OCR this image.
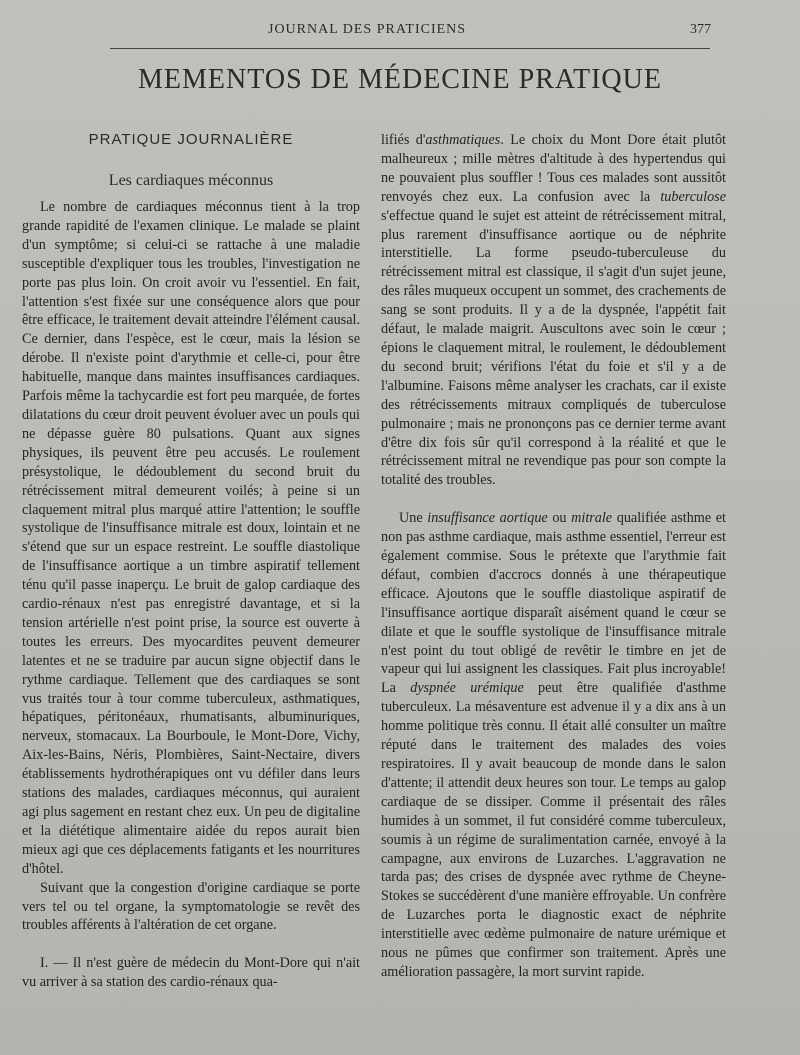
JOURNAL DES PRATICIENS	377
MEMENTOS DE MÉDECINE PRATIQUE
PRATIQUE JOURNALIÈRE
Les cardiaques méconnus

Le nombre de cardiaques méconnus tient à la trop grande rapidité de l'examen clinique. Le malade se plaint d'un symptôme; si celui-ci se rattache à une maladie susceptible d'expliquer tous les troubles, l'investigation ne porte pas plus loin. On croit avoir vu l'essentiel. En fait, l'attention s'est fixée sur une conséquence alors que pour être efficace, le traitement devait atteindre l'élément causal. Ce dernier, dans l'espèce, est le cœur, mais la lésion se dérobe. Il n'existe point d'arythmie et celle-ci, pour être habituelle, manque dans maintes insuffisances cardiaques. Parfois même la tachycardie est fort peu marquée, de fortes dilatations du cœur droit peuvent évoluer avec un pouls qui ne dépasse guère 80 pulsations. Quant aux signes physiques, ils peuvent être peu accusés. Le roulement présystolique, le dédoublement du second bruit du rétrécissement mitral demeurent voilés; à peine si un claquement mitral plus marqué attire l'attention; le souffle systolique de l'insuffisance mitrale est doux, lointain et ne s'étend que sur un espace restreint. Le souffle diastolique de l'insuffisance aortique a un timbre aspiratif tellement ténu qu'il passe inaperçu. Le bruit de galop cardiaque des cardio-rénaux n'est pas enregistré davantage, et si la tension artérielle n'est point prise, la source est ouverte à toutes les erreurs. Des myocardites peuvent demeurer latentes et ne se traduire par aucun signe objectif dans le rythme cardiaque. Tellement que des cardiaques se sont vus traités tour à tour comme tuberculeux, asthmatiques, hépatiques, péritonéaux, rhumatisants, albuminuriques, nerveux, stomacaux. La Bourboule, le Mont-Dore, Vichy, Aix-les-Bains, Néris, Plombières, Saint-Nectaire, divers établissements hydrothérapiques ont vu défiler dans leurs stations des malades, cardiaques méconnus, qui auraient agi plus sagement en restant chez eux. Un peu de digitaline et la diététique alimentaire aidée du repos aurait bien mieux agi que ces déplacements fatigants et les nourritures d'hôtel.

Suivant que la congestion d'origine cardiaque se porte vers tel ou tel organe, la symptomatologie se revêt des troubles afférents à l'altération de cet organe.

I. — Il n'est guère de médecin du Mont-Dore qui n'ait vu arriver à sa station des cardio-rénaux qua-

lifiés d'asthmatiques. Le choix du Mont Dore était plutôt malheureux ; mille mètres d'altitude à des hypertendus qui ne pouvaient plus souffler ! Tous ces malades sont aussitôt renvoyés chez eux. La confusion avec la tuberculose s'effectue quand le sujet est atteint de rétrécissement mitral, plus rarement d'insuffisance aortique ou de néphrite interstitielle. La forme pseudo-tuberculeuse du rétrécissement mitral est classique, il s'agit d'un sujet jeune, des râles muqueux occupent un sommet, des crachements de sang se sont produits. Il y a de la dyspnée, l'appétit fait défaut, le malade maigrit. Auscultons avec soin le cœur ; épions le claquement mitral, le roulement, le dédoublement du second bruit; vérifions l'état du foie et s'il y a de l'albumine. Faisons même analyser les crachats, car il existe des rétrécissements mitraux compliqués de tuberculose pulmonaire ; mais ne prononçons pas ce dernier terme avant d'être dix fois sûr qu'il correspond à la réalité et que le rétrécissement mitral ne revendique pas pour son compte la totalité des troubles.

Une insuffisance aortique ou mitrale qualifiée asthme et non pas asthme cardiaque, mais asthme essentiel, l'erreur est également commise. Sous le prétexte que l'arythmie fait défaut, combien d'accrocs donnés à une thérapeutique efficace. Ajoutons que le souffle diastolique aspiratif de l'insuffisance aortique disparaît aisément quand le cœur se dilate et que le souffle systolique de l'insuffisance mitrale n'est point du tout obligé de revêtir le timbre en jet de vapeur qui lui assignent les classiques. Fait plus incroyable! La dyspnée urémique peut être qualifiée d'asthme tuberculeux. La mésaventure est advenue il y a dix ans à un homme politique très connu. Il était allé consulter un maître réputé dans le traitement des malades des voies respiratoires. Il y avait beaucoup de monde dans le salon d'attente; il attendit deux heures son tour. Le temps au galop cardiaque de se dissiper. Comme il présentait des râles humides à un sommet, il fut considéré comme tuberculeux, soumis à un régime de suralimentation carnée, envoyé à la campagne, aux environs de Luzarches. L'aggravation ne tarda pas; des crises de dyspnée avec rythme de Cheyne-Stokes se succédèrent d'une manière effroyable. Un confrère de Luzarches porta le diagnostic exact de néphrite interstitielle avec œdème pulmonaire de nature urémique et nous ne pûmes que confirmer son traitement. Après une amélioration passagère, la mort survint rapide.
